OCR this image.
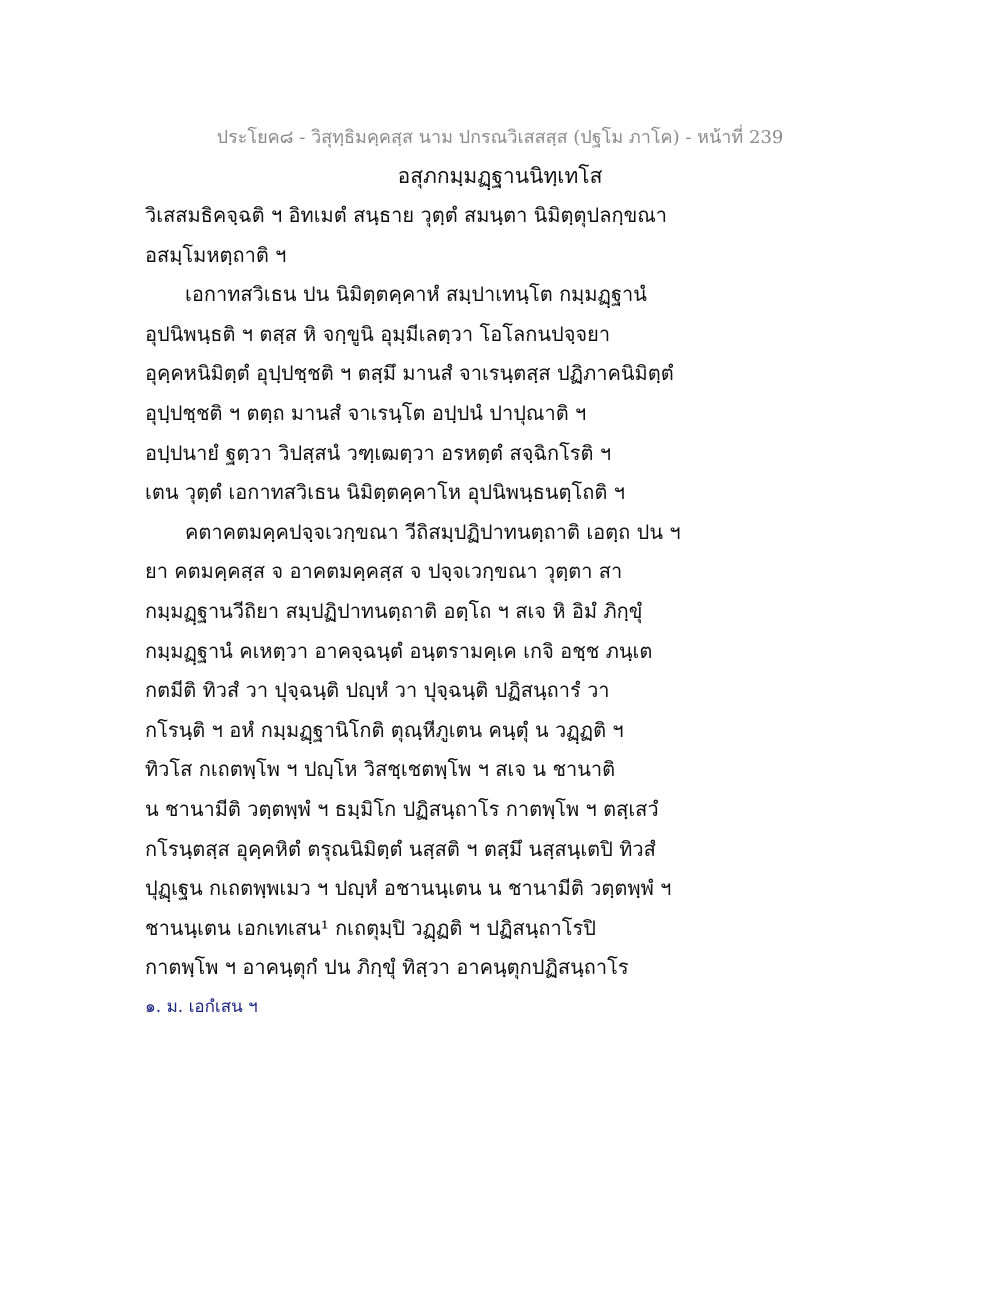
ประโยค๘ - วิสุทฺธิมคฺคสฺส นาม ปกรณวิเสสสฺส (ปฐโม ภาโค) - หน้าที่ 239
อสุภกมฺมฏฺฐานนิทฺเทโส
วิเสสมธิคจฺฉติ ฯ อิทเมตํ สนฺธาย วุตฺตํ สมนฺตา นิมิตฺตุปลกฺขณา
อสมฺโมหตฺถาติ ฯ
เอกาทสวิเธน ปน นิมิตฺตคฺคาหํ สมฺปาเทนฺโต กมฺมฏฺฐานํ
อุปนิพนฺธติ ฯ ตสฺส หิ จกฺขูนิ อุมฺมีเลตฺวา โอโลกนปจฺจยา
อุคฺคหนิมิตฺตํ อุปฺปชฺชติ ฯ ตสฺมึ มานสํ จาเรนฺตสฺส ปฏิภาคนิมิตฺตํ
อุปฺปชฺชติ ฯ ตตฺถ มานสํ จาเรนฺโต อปฺปนํ ปาปุณาติ ฯ
อปฺปนายํ ฐตฺวา วิปสฺสนํ วฑฺเฒตฺวา อรหตฺตํ สจฺฉิกโรติ ฯ
เตน วุตฺตํ เอกาทสวิเธน นิมิตฺตคฺคาโห อุปนิพนฺธนตฺโถติ ฯ
คตาคตมคฺคปจฺจเวกฺขณา วีถิสมฺปฏิปาทนตฺถาติ เอตฺถ ปน ฯ
ยา คตมคฺคสฺส จ อาคตมคฺคสฺส จ ปจฺจเวกฺขณา วุตฺตา สา
กมฺมฏฺฐานวีถิยา สมฺปฏิปาทนตฺถาติ อตฺโถ ฯ สเจ หิ อิมํ ภิกฺขุํ
กมฺมฏฺฐานํ คเหตฺวา อาคจฺฉนฺตํ อนฺตรามคฺเค เกจิ อชฺช ภนฺเต
กตมีติ ทิวสํ วา ปุจฺฉนฺติ ปญฺหํ วา ปุจฺฉนฺติ ปฏิสนฺถารํ วา
กโรนฺติ ฯ อหํ กมฺมฏฺฐานิโกติ ตุณฺหีภูเตน คนฺตุํ น วฏฺฏติ ฯ
ทิวโส กเถตพฺโพ ฯ ปญฺโห วิสชฺเชตพฺโพ ฯ สเจ น ชานาติ
น ชานามีติ วตฺตพฺพํ ฯ ธมฺมิโก ปฏิสนฺถาโร กาตพฺโพ ฯ ตสฺเสวํ
กโรนฺตสฺส อุคฺคหิตํ ตรุณนิมิตฺตํ นสฺสติ ฯ ตสฺมึ นสฺสนฺเตปิ ทิวสํ
ปุฏฺเฐน กเถตพฺพเมว ฯ ปญฺหํ อชานนฺเตน น ชานามีติ วตฺตพฺพํ ฯ
ชานนฺเตน เอกเทเสน¹ กเถตุมฺปิ วฏฺฏติ ฯ ปฏิสนฺถาโรปิ
กาตพฺโพ ฯ อาคนฺตุกํ ปน ภิกฺขุํ ทิสฺวา อาคนฺตุกปฏิสนฺถาโร
๑. ม. เอกํเสน ฯ
